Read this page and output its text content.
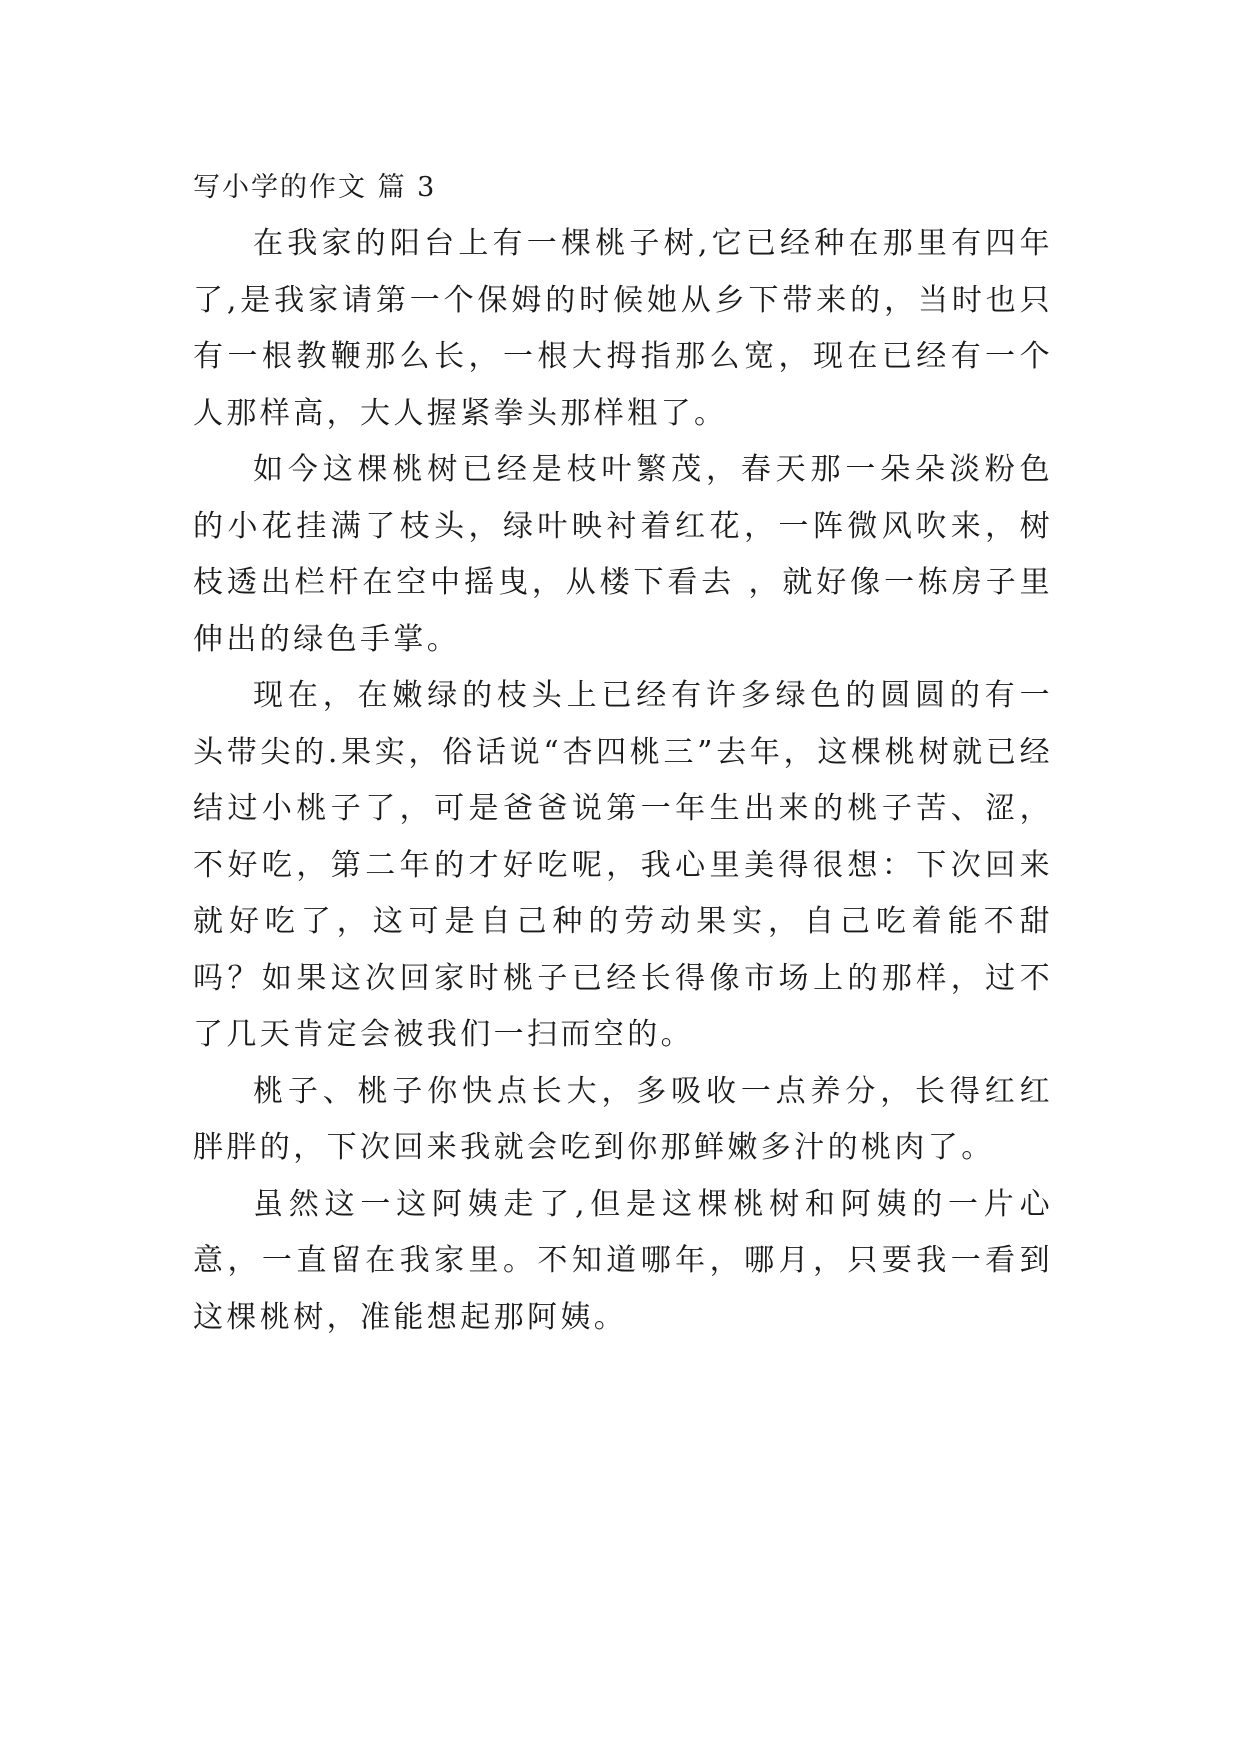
写小学的作文 篇 3

在我家的阳台上有一棵桃子树,它已经种在那里有四年了,是我家请第一个保姆的时候她从乡下带来的，当时也只有一根教鞭那么长，一根大拇指那么宽，现在已经有一个人那样高，大人握紧拳头那样粗了。

如今这棵桃树已经是枝叶繁茂，春天那一朵朵淡粉色的小花挂满了枝头，绿叶映衬着红花，一阵微风吹来，树枝透出栏杆在空中摇曳，从楼下看去 ，就好像一栋房子里伸出的绿色手掌。

现在，在嫩绿的枝头上已经有许多绿色的圆圆的有一头带尖的.果实，俗话说“杏四桃三”去年，这棵桃树就已经结过小桃子了，可是爸爸说第一年生出来的桃子苦、涩，不好吃，第二年的才好吃呢，我心里美得很想：下次回来就好吃了，这可是自己种的劳动果实，自己吃着能不甜吗？如果这次回家时桃子已经长得像市场上的那样，过不了几天肯定会被我们一扫而空的。

桃子、桃子你快点长大，多吸收一点养分，长得红红胖胖的，下次回来我就会吃到你那鲜嫩多汁的桃肉了。

虽然这一这阿姨走了,但是这棵桃树和阿姨的一片心意，一直留在我家里。不知道哪年，哪月，只要我一看到这棵桃树，准能想起那阿姨。
